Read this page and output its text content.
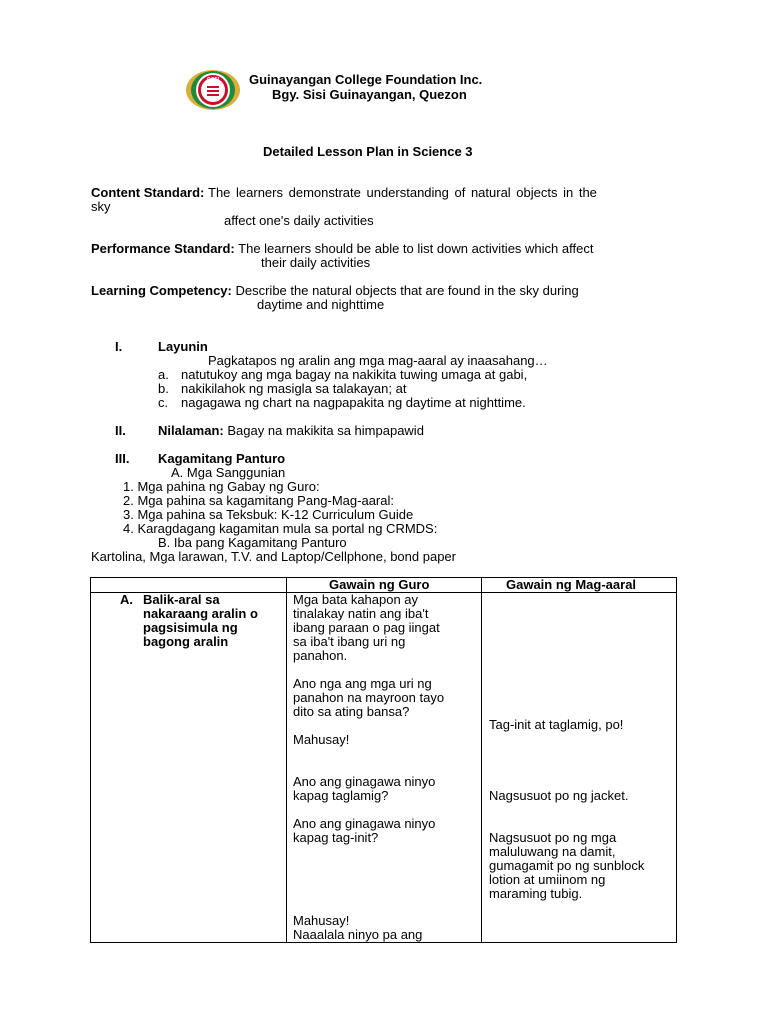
GCFI Guinayangan College Foundation Inc.
Bgy. Sisi Guinayangan, Quezon
Detailed Lesson Plan in Science 3
Content Standard: The learners demonstrate understanding of natural objects in the
sky
affect one's daily activities
Performance Standard: The learners should be able to list down activities which affect
their daily activities
Learning Competency: Describe the natural objects that are found in the sky during
daytime and nighttime
I.	Layunin
Pagkatapos ng aralin ang mga mag-aaral ay inaasahang…
a. natutukoy ang mga bagay na nakikita tuwing umaga at gabi,
b. nakikilahok ng masigla sa talakayan; at
c. nagagawa ng chart na nagpapakita ng daytime at nighttime.
II. Nilalaman: Bagay na makikita sa himpapawid
III. Kagamitang Panturo
A. Mga Sanggunian
1. Mga pahina ng Gabay ng Guro:
2. Mga pahina sa kagamitang Pang-Mag-aaral:
3. Mga pahina sa Teksbuk: K-12 Curriculum Guide
4. Karagdagang kagamitan mula sa portal ng CRMDS:
B. Iba pang Kagamitang Panturo
Kartolina, Mga larawan, T.V. and Laptop/Cellphone, bond paper
Gawain ng Guro	Gawain ng Mag-aaral
A. Balik-aral sa
nakaraang aralin o
pagsisimula ng
bagong aralin
Mga bata kahapon ay
tinalakay natin ang iba't
ibang paraan o pag iingat
sa iba't ibang uri ng
panahon.
Ano nga ang mga uri ng
panahon na mayroon tayo
dito sa ating bansa?
Mahusay!
Ano ang ginagawa ninyo
kapag taglamig?
Ano ang ginagawa ninyo
kapag tag-init?
Mahusay!
Naaalala ninyo pa ang
Tag-init at taglamig, po!
Nagsusuot po ng jacket.
Nagsusuot po ng mga
maluluwang na damit,
gumagamit po ng sunblock
lotion at umiinom ng
maraming tubig.
